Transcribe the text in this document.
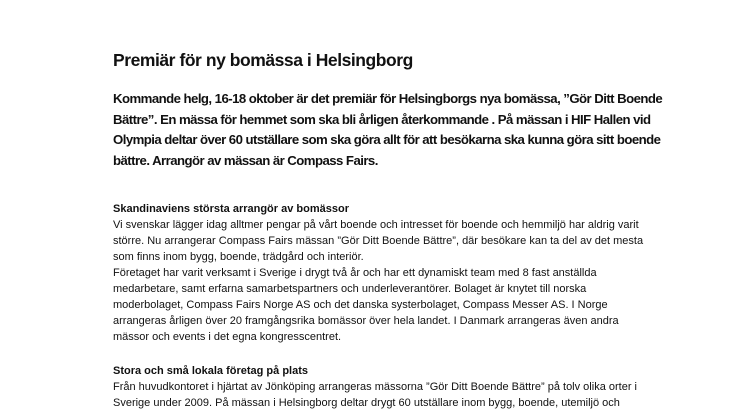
Premiär för ny bomässa i Helsingborg

Kommande helg, 16-18 oktober är det premiär för Helsingborgs nya bomässa, ”Gör Ditt Boende
Bättre”. En mässa för hemmet som ska bli årligen återkommande . På mässan i HIF Hallen vid
Olympia deltar över 60 utställare som ska göra allt för att besökarna ska kunna göra sitt boende
bättre. Arrangör av mässan är Compass Fairs.

Skandinaviens största arrangör av bomässor

Vi svenskar lägger idag alltmer pengar på vårt boende och intresset för boende och hemmiljö har aldrig varit
större. Nu arrangerar Compass Fairs mässan ”Gör Ditt Boende Bättre”, där besökare kan ta del av det mesta
som finns inom bygg, boende, trädgård och interiör.

Företaget har varit verksamt i Sverige i drygt två år och har ett dynamiskt team med 8 fast anställda
medarbetare, samt erfarna samarbetspartners och underleverantörer. Bolaget är knytet till norska
moderbolaget, Compass Fairs Norge AS och det danska systerbolaget, Compass Messer AS. I Norge
arrangeras årligen över 20 framgångsrika bomässor över hela landet. I Danmark arrangeras även andra
mässor och events i det egna kongresscentret.

Stora och små lokala företag på plats

Från huvudkontoret i hjärtat av Jönköping arrangeras mässorna ”Gör Ditt Boende Bättre” på tolv olika orter i
Sverige under 2009. På mässan i Helsingborg deltar drygt 60 utställare inom bygg, boende, utemiljö och
